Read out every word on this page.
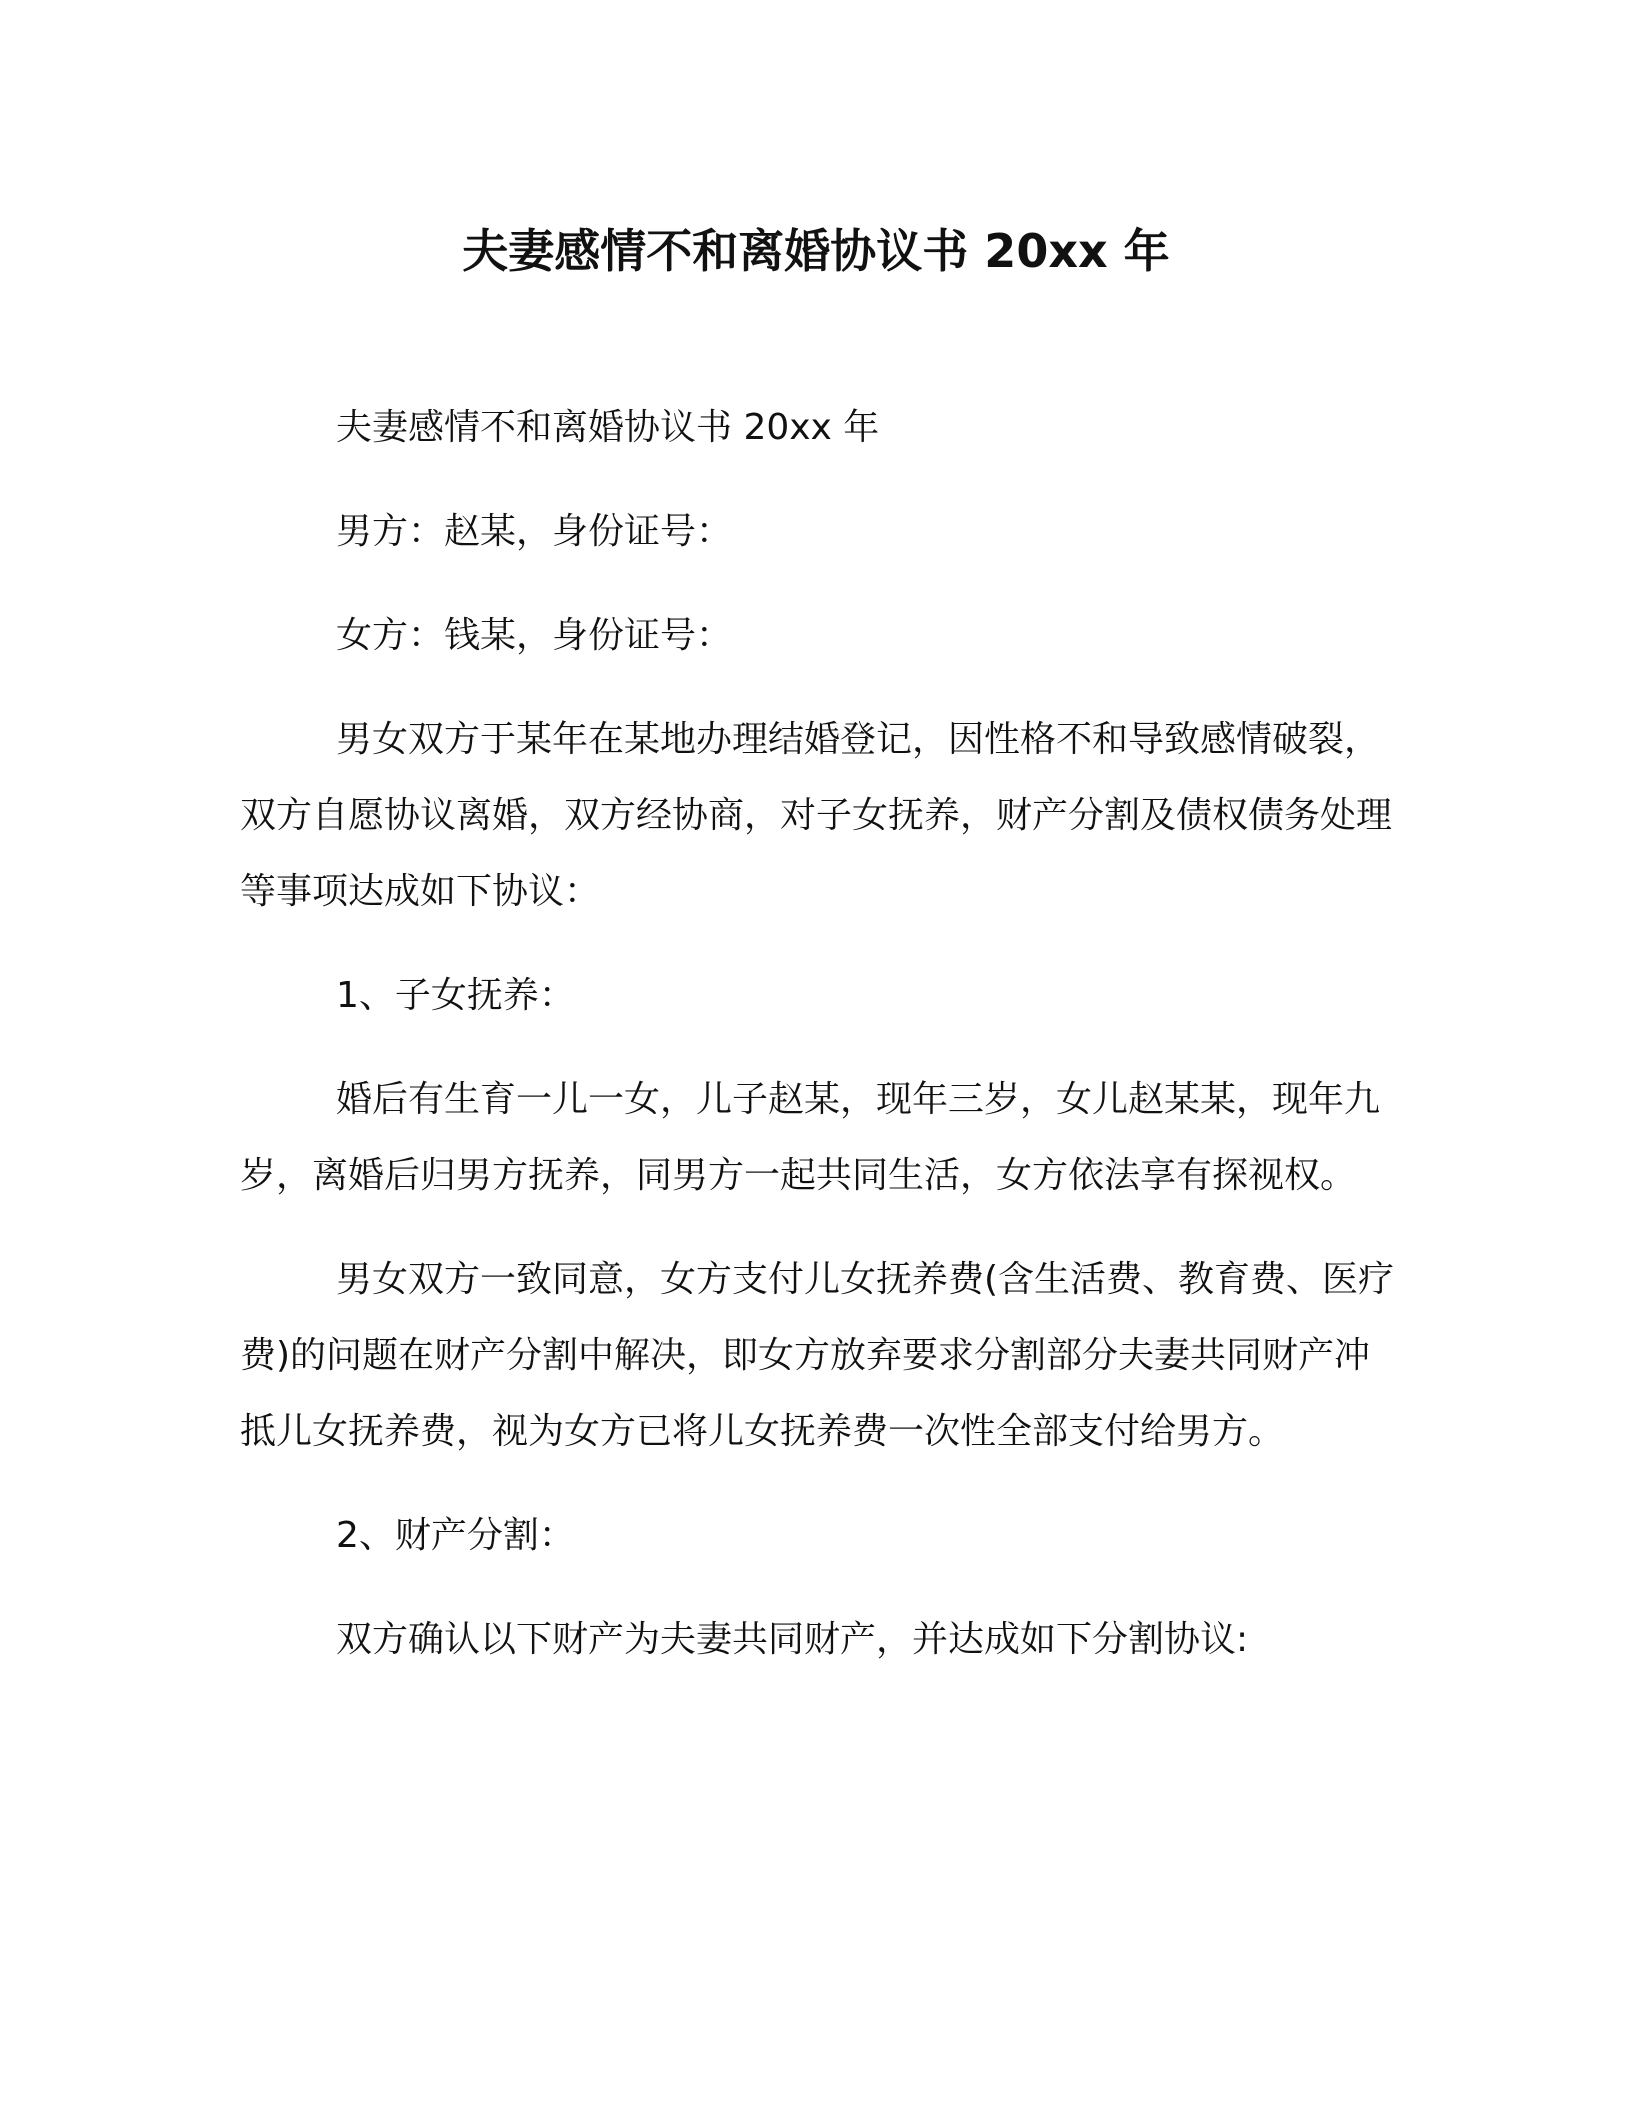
夫妻感情不和离婚协议书 20xx 年

夫妻感情不和离婚协议书 20xx 年

男方：赵某，身份证号：

女方：钱某，身份证号：

男女双方于某年在某地办理结婚登记，因性格不和导致感情破裂，双方自愿协议离婚，双方经协商，对子女抚养，财产分割及债权债务处理等事项达成如下协议：

1、子女抚养：

婚后有生育一儿一女，儿子赵某，现年三岁，女儿赵某某，现年九岁，离婚后归男方抚养，同男方一起共同生活，女方依法享有探视权。

男女双方一致同意，女方支付儿女抚养费(含生活费、教育费、医疗费)的问题在财产分割中解决，即女方放弃要求分割部分夫妻共同财产冲抵儿女抚养费，视为女方已将儿女抚养费一次性全部支付给男方。

2、财产分割：

双方确认以下财产为夫妻共同财产，并达成如下分割协议:
